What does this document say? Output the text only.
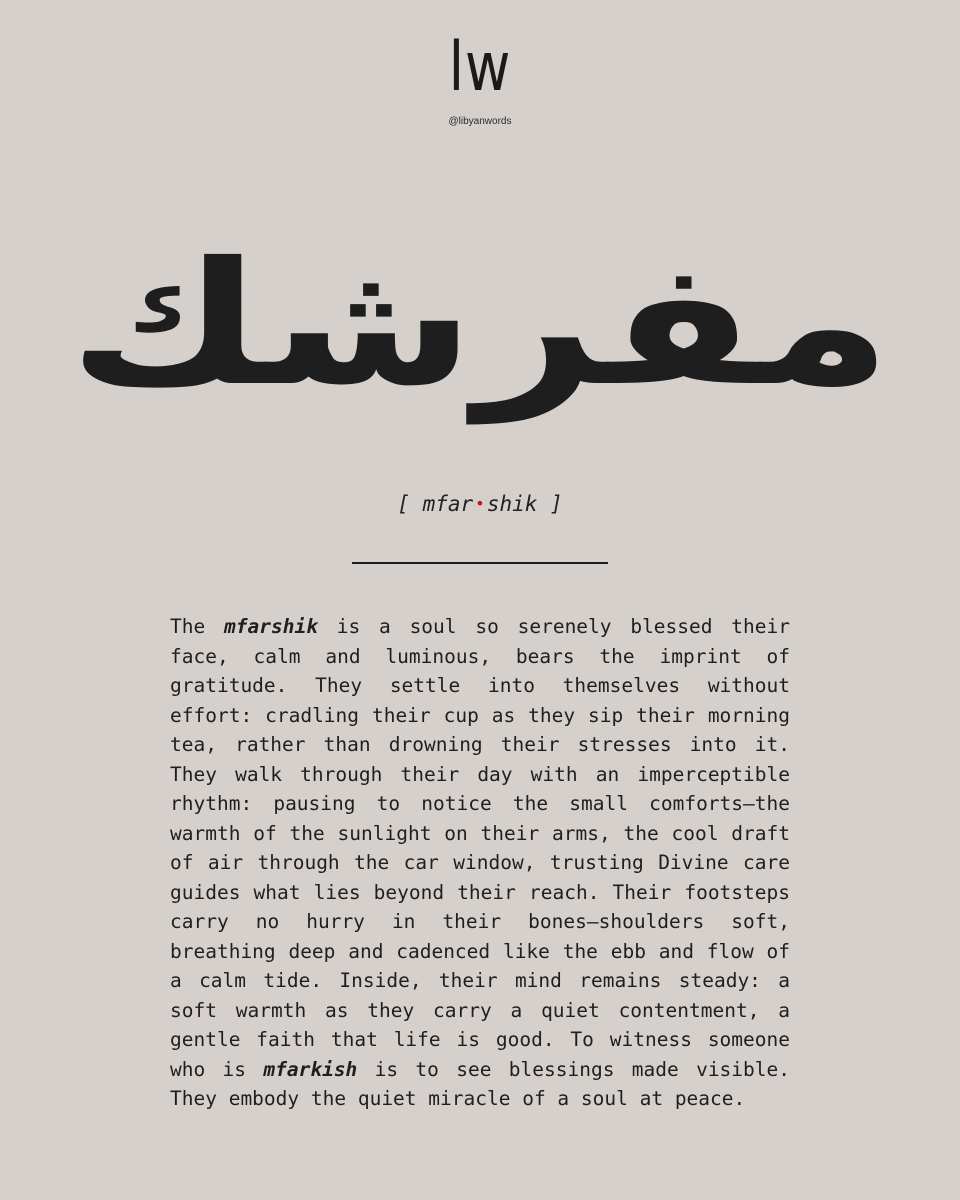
lw
@libyanwords
مفرشك
[ mfar •shik ]
The mfarshik is a soul so serenely blessed their face, calm and luminous, bears the imprint of gratitude. They settle into themselves without effort: cradling their cup as they sip their morning tea, rather than drowning their stresses into it. They walk through their day with an imperceptible rhythm: pausing to notice the small comforts—the warmth of the sunlight on their arms, the cool draft of air through the car window, trusting Divine care guides what lies beyond their reach. Their footsteps carry no hurry in their bones—shoulders soft, breathing deep and cadenced like the ebb and flow of a calm tide. Inside, their mind remains steady: a soft warmth as they carry a quiet contentment, a gentle faith that life is good. To witness someone who is mfarkish is to see blessings made visible. They embody the quiet miracle of a soul at peace.
